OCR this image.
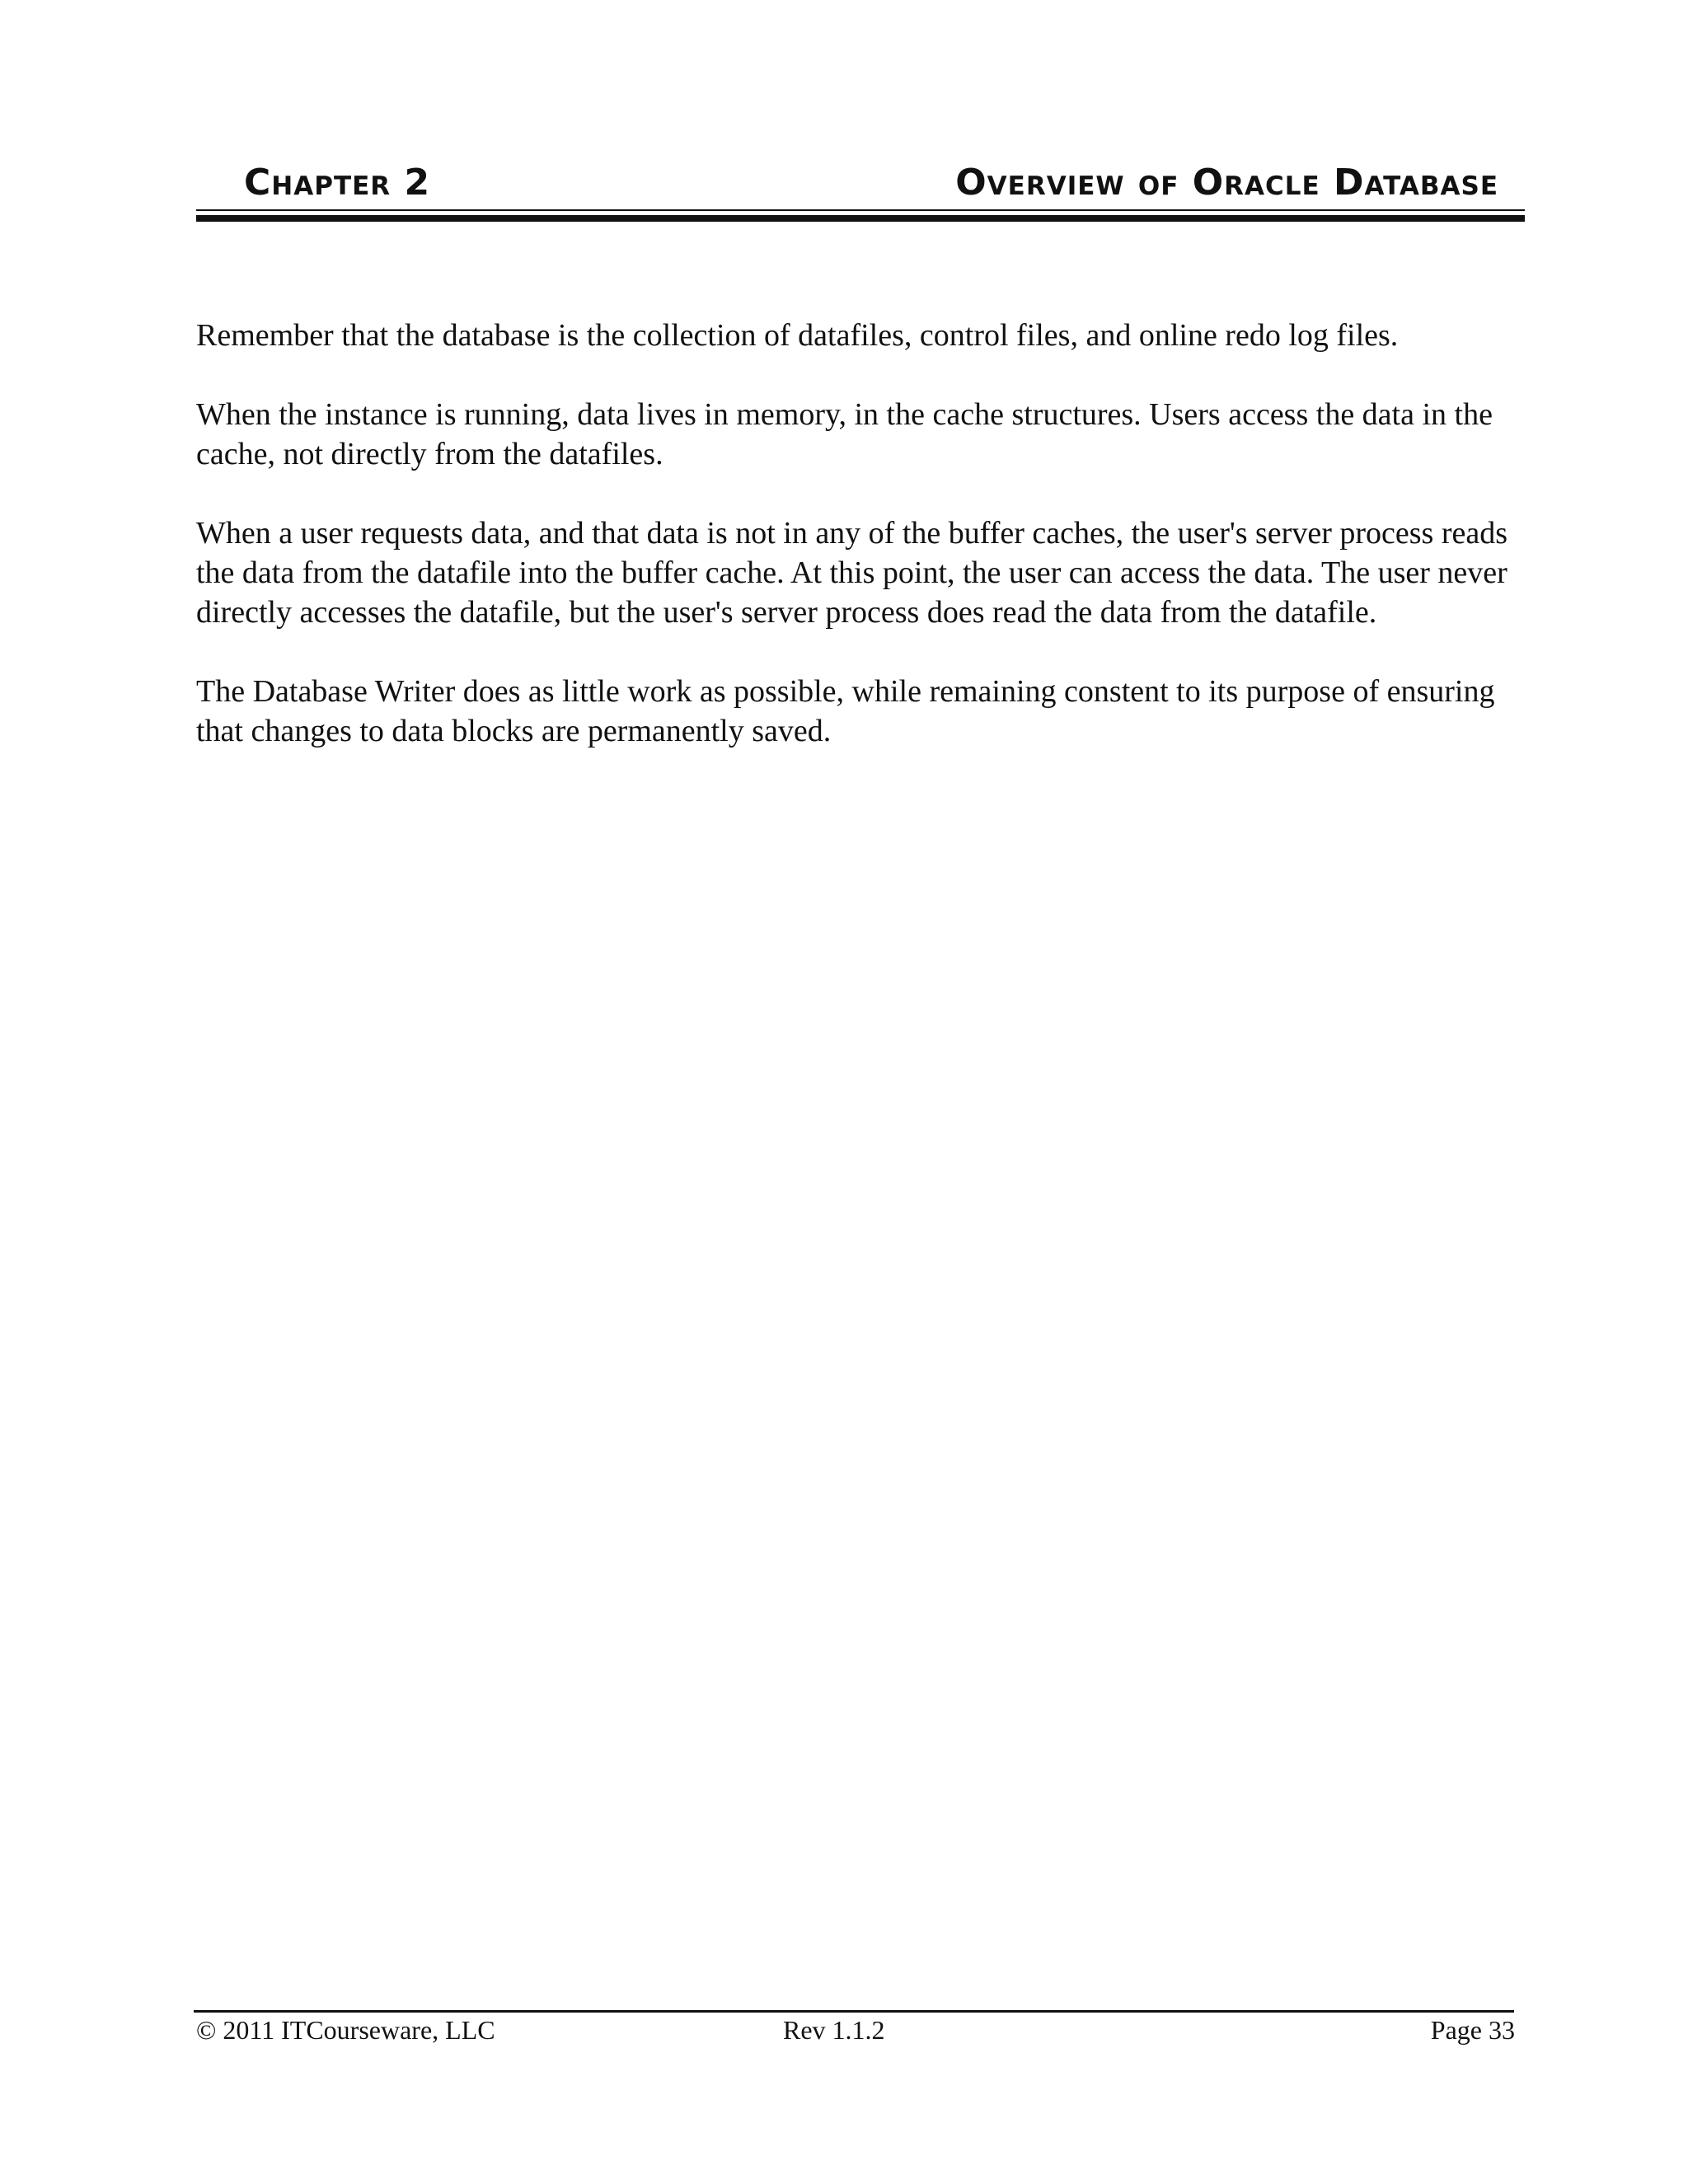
Chapter 2	Overview of Oracle Database

Remember that the database is the collection of datafiles, control files, and online redo log files.

When the instance is running, data lives in memory, in the cache structures. Users access the data in the cache, not directly from the datafiles.

When a user requests data, and that data is not in any of the buffer caches, the user's server process reads the data from the datafile into the buffer cache. At this point, the user can access the data. The user never directly accesses the datafile, but the user's server process does read the data from the datafile.

The Database Writer does as little work as possible, while remaining constent to its purpose of ensuring that changes to data blocks are permanently saved.

© 2011 ITCourseware, LLC	Rev 1.1.2	Page 33
